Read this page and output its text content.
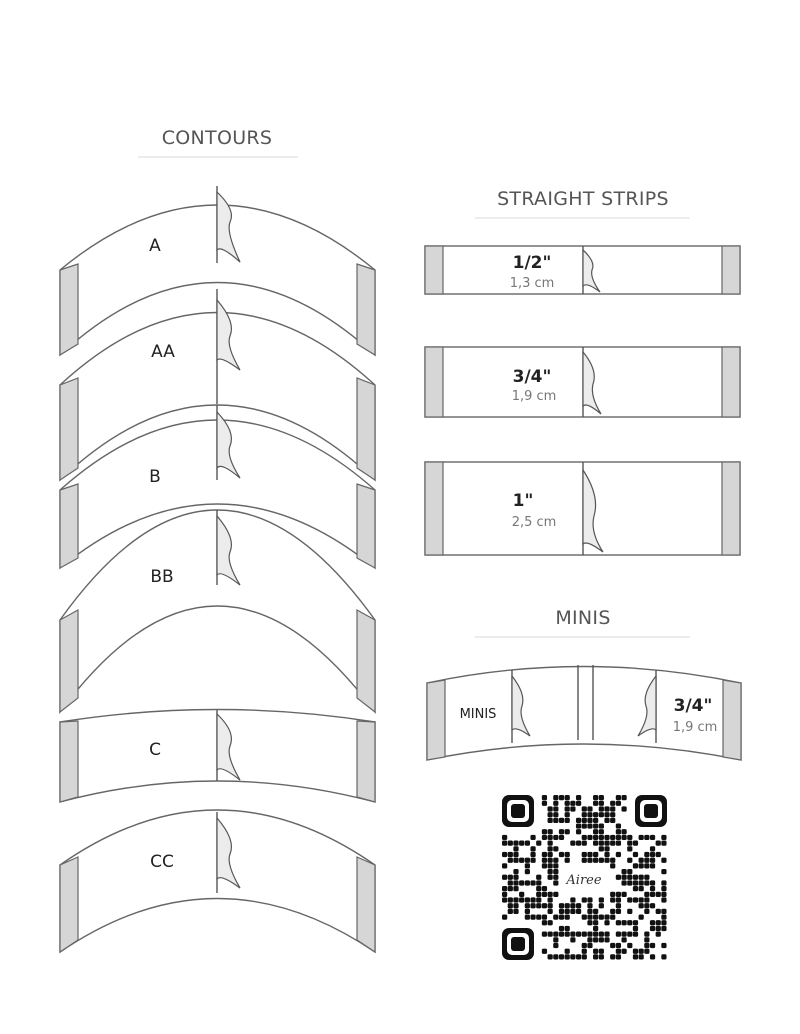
CONTOURS
A
AA
B
BB
C
CC
STRAIGHT STRIPS
1/2"
1,3 cm
3/4"
1,9 cm
1"
2,5 cm
MINIS
MINIS	3/4"
1,9 cm
Airee
